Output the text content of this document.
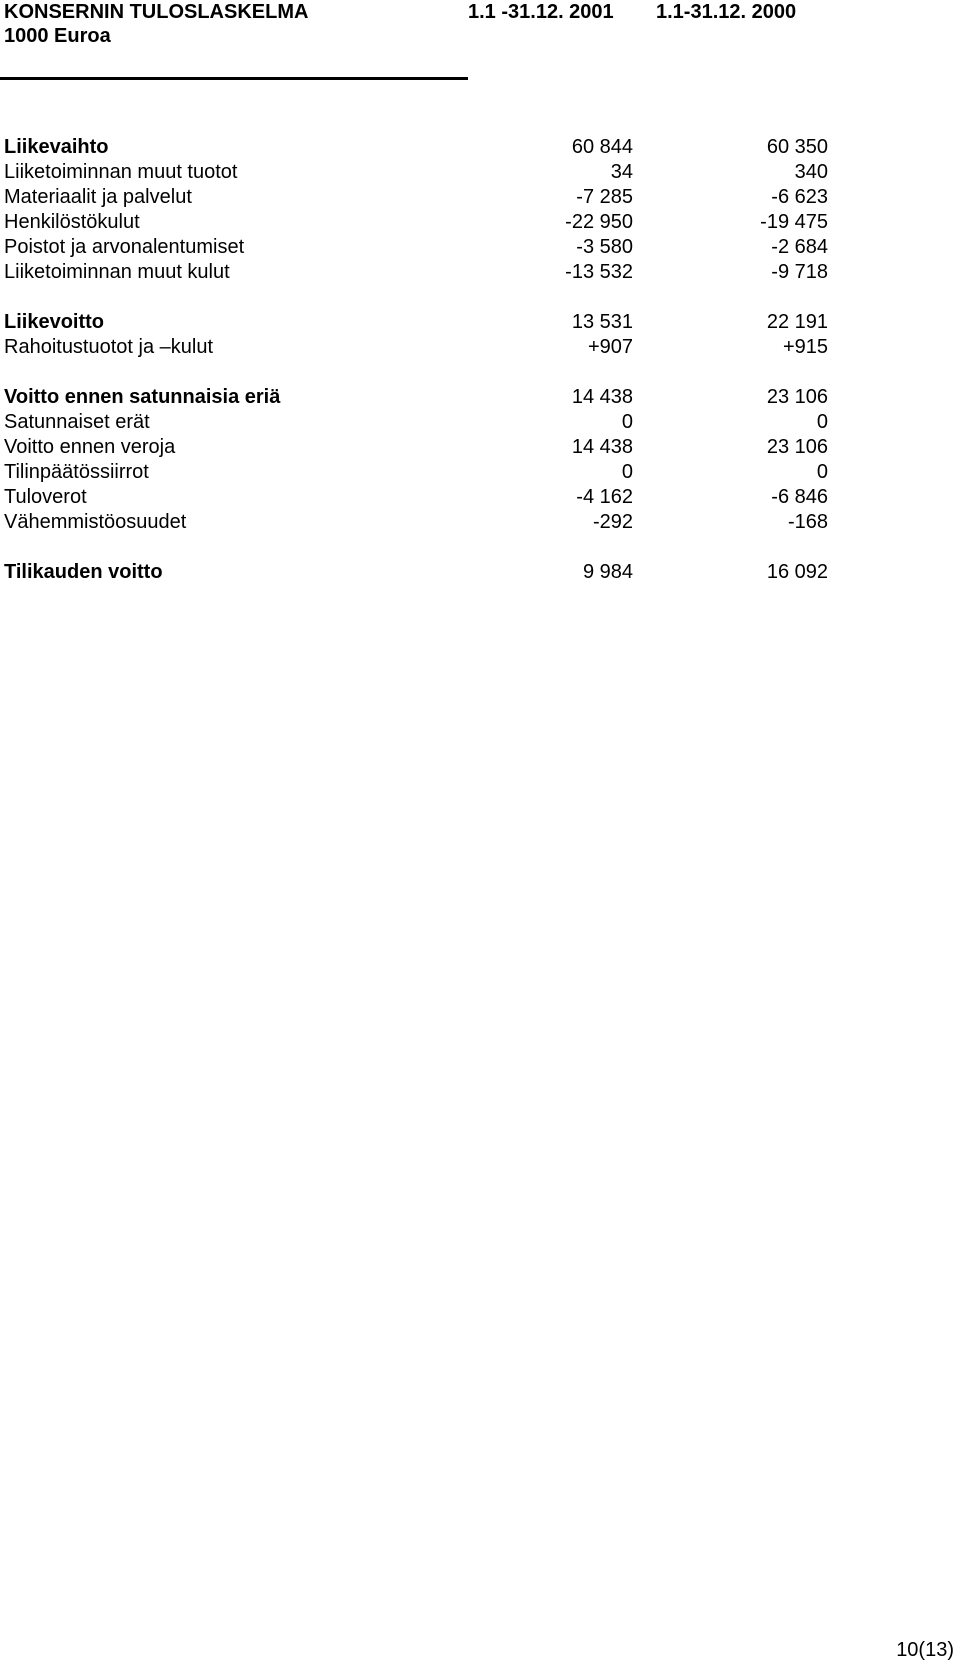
KONSERNIN TULOSLASKELMA	1.1 -31.12. 2001 1.1-31.12. 2000
1000 Euroa
Liikevaihto	60 844	60 350
Liiketoiminnan muut tuotot	34	340
Materiaalit ja palvelut	-7 285	-6 623
Henkilöstökulut	-22 950	-19 475
Poistot ja arvonalentumiset	-3 580	-2 684
Liiketoiminnan muut kulut	-13 532	-9 718
Liikevoitto	13 531	22 191
Rahoitustuotot ja –kulut	+907	+915
Voitto ennen satunnaisia eriä	14 438	23 106
Satunnaiset erät	0	0
Voitto ennen veroja	14 438	23 106
Tilinpäätössiirrot	0	0
Tuloverot	-4 162	-6 846
Vähemmistöosuudet	-292	-168
Tilikauden voitto	9 984	16 092
10(13)
